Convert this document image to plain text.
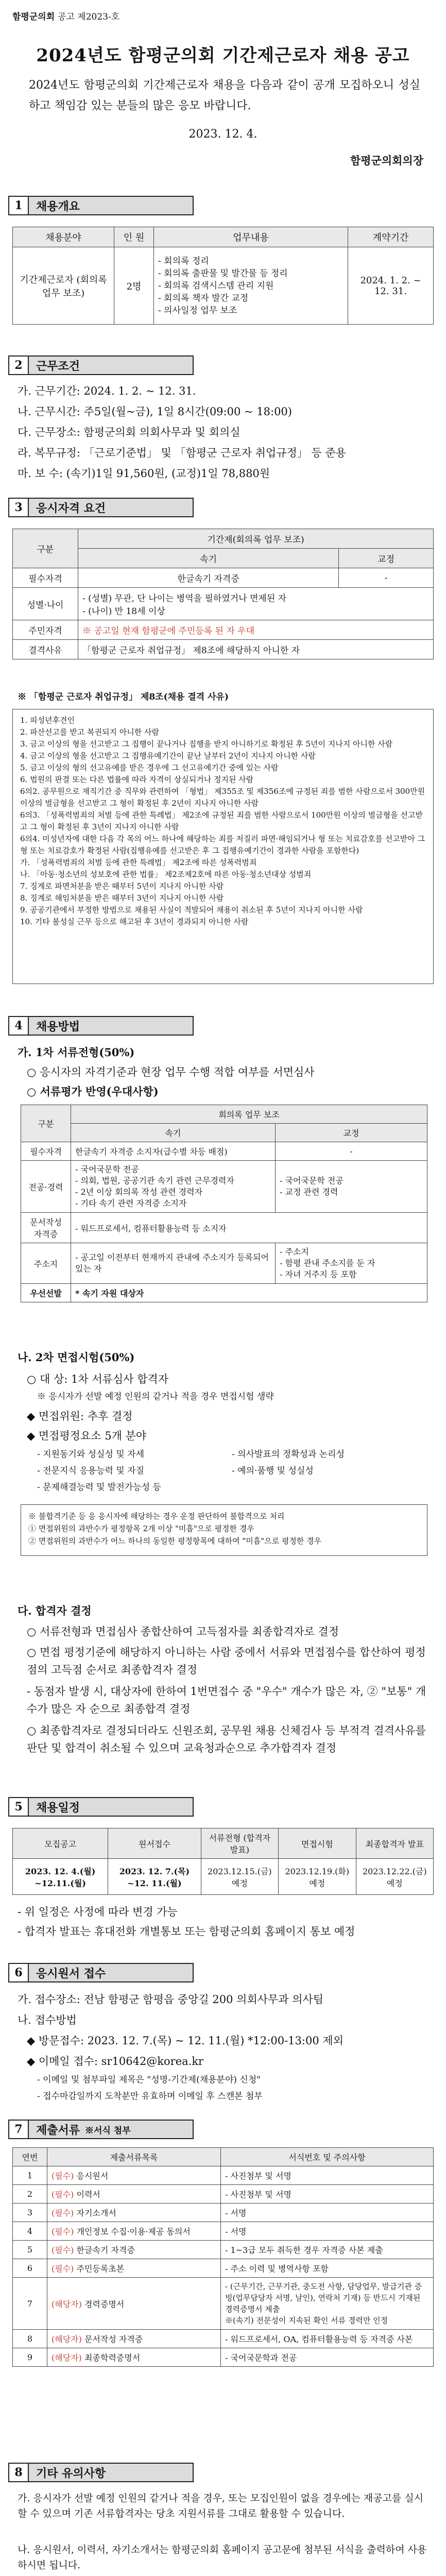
함평군의회 공고 제2023-호
2024년도 함평군의회 기간제근로자 채용 공고
2024년도 함평군의회 기간제근로자 채용을 다음과 같이 공개 모집하오니 성실하고 책임감 있는 분들의 많은 응모 바랍니다.
2023. 12. 4.
함평군의회의장
1	채용개요
채용분야	인 원	업무내용	계약기간
기간제근로자 (회의록 업무 보조)	2명	- 회의록 정리
- 회의록 출판물 및 발간물 등 정리
- 회의록 검색시스템 관리 지원
- 회의록 책자 발간 교정
- 의사일정 업무 보조	2024. 1. 2. ~ 12. 31.
2	근무조건
가. 근무기간: 2024. 1. 2. ~ 12. 31.
나. 근무시간: 주5일(월~금), 1일 8시간(09:00 ~ 18:00)
다. 근무장소: 함평군의회 의회사무과 및 회의실
라. 복무규정: 「근로기준법」 및 「함평군 근로자 취업규정」 등 준용
마. 보 수: (속기)1일 91,560원, (교정)1일 78,880원
3	응시자격 요건
구분	기간제(회의록 업무 보조)	
	속기	교정
필수자격	한글속기 자격증	-
성별·나이	- (성별) 무관, 단 나이는 병역을 필하였거나 면제된 자
- (나이) 만 18세 이상	
주민자격	※ 공고일 현재 함평군에 주민등록 된 자 우대	
결격사유	「함평군 근로자 취업규정」 제8조에 해당하지 아니한 자	
※ 「함평군 근로자 취업규정」 제8조(채용 결격 사유)
1. 피성년후견인
2. 파산선고를 받고 복권되지 아니한 사람
3. 금고 이상의 형을 선고받고 그 집행이 끝나거나 집행을 받지 아니하기로 확정된 후 5년이 지나지 아니한 사람
4. 금고 이상의 형을 선고받고 그 집행유예기간이 끝난 날부터 2년이 지나지 아니한 사람
5. 금고 이상의 형의 선고유예를 받은 경우에 그 선고유예기간 중에 있는 사람
6. 법원의 판결 또는 다른 법률에 따라 자격이 상실되거나 정지된 사람
6의2. 공무원으로 재직기간 중 직무와 관련하여 「형법」 제355조 및 제356조에 규정된 죄를 범한 사람으로서 300만원 이상의 벌금형을 선고받고 그 형이 확정된 후 2년이 지나지 아니한 사람
6의3. 「성폭력범죄의 처벌 등에 관한 특례법」 제2조에 규정된 죄를 범한 사람으로서 100만원 이상의 벌금형을 선고받고 그 형이 확정된 후 3년이 지나지 아니한 사람
6의4. 미성년자에 대한 다음 각 목의 어느 하나에 해당하는 죄를 저질러 파면·해임되거나 형 또는 치료감호를 선고받아 그 형 또는 치료감호가 확정된 사람(집행유예를 선고받은 후 그 집행유예기간이 경과한 사람을 포함한다)
가. 「성폭력범죄의 처벌 등에 관한 특례법」 제2조에 따른 성폭력범죄
나. 「아동·청소년의 성보호에 관한 법률」 제2조제2호에 따른 아동·청소년대상 성범죄
7. 징계로 파면처분을 받은 때부터 5년이 지나지 아니한 사람
8. 징계로 해임처분을 받은 때부터 3년이 지나지 아니한 사람
9. 공공기관에서 부정한 방법으로 채용된 사실이 적발되어 채용이 취소된 후 5년이 지나지 아니한 사람
10. 기타 불성실 근무 등으로 해고된 후 3년이 경과되지 아니한 사람
4	채용방법
가. 1차 서류전형(50%)
○ 응시자의 자격기준과 현장 업무 수행 적합 여부를 서면심사
○ 서류평가 반영(우대사항)
구분	회의록 업무 보조	
	속기	교정
필수자격	한글속기 자격증 소지자(급수별 차등 배점)	-
전공·경력	- 국어국문학 전공
- 의회, 법원, 공공기관 속기 관련 근무경력자
- 2년 이상 회의록 작성 관련 경력자
- 기타 속기 관련 자격증 소지자	- 국어국문학 전공
- 교정 관련 경력
문서작성 자격증	- 워드프로세서, 컴퓨터활용능력 등 소지자	
주소지	- 공고일 이전부터 현재까지 관내에 주소지가 등록되어 있는 자	- 주소지
- 함평 관내 주소지를 둔 자
- 자녀 거주지 등 포함
우선선발	* 속기 자원 대상자	
나. 2차 면접시험(50%)
○ 대 상: 1차 서류심사 합격자
※ 응시자가 선발 예정 인원의 같거나 적을 경우 면접시험 생략
◆ 면접위원: 추후 결정
◆ 면접평정요소 5개 분야
- 지원동기와 성실성 및 자세	- 의사발표의 정확성과 논리성
- 전문지식 응용능력 및 자질	- 예의·품행 및 성실성
- 문제해결능력 및 발전가능성 등
※ 불합격기준 등 응 응시자에 해당하는 경우 운정 판단하여 불합격으로 처리
① 면접위원의 과반수가 평정항목 2개 이상 "미흡"으로 평정한 경우
② 면접위원의 과반수가 어느 하나의 동일한 평정항목에 대하여 "미흡"으로 평정한 경우
다. 합격자 결정
○ 서류전형과 면접심사 종합산하여 고득점자를 최종합격자로 결정
○ 면접 평정기준에 해당하지 아니하는 사람 중에서 서류와 면접점수를 합산하여 평정점의 고득점 순서로 최종합격자 결정
- 동점자 발생 시, 대상자에 한하여 1번면접수 중 "우수" 개수가 많은 자, ② "보통" 개수가 많은 자 순으로 최종합격 결정
○ 최종합격자로 결정되더라도 신원조회, 공무원 채용 신체검사 등 부적격 결격사유를 판단 및 합격이 취소될 수 있으며 교육청과순으로 추가합격자 결정
5	채용일정
모집공고	원서접수	서류전형 (합격자발표)	면접시험	최종합격자 발표
2023. 12. 4.(월) ~12.11.(월)	2023. 12. 7.(목) ~12. 11.(월)	2023.12.15.(금) 예정	2023.12.19.(화) 예정	2023.12.22.(금) 예정
- 위 일정은 사정에 따라 변경 가능
- 합격자 발표는 휴대전화 개별통보 또는 함평군의회 홈페이지 통보 예정
6	응시원서 접수
가. 접수장소: 전남 함평군 함평읍 중앙길 200 의회사무과 의사팀
나. 접수방법
◆ 방문접수: 2023. 12. 7.(목) ~ 12. 11.(월) *12:00-13:00 제외
◆ 이메일 접수: sr10642@korea.kr
- 이메일 및 첨부파일 제목은 "성명-기간제(채용분야) 신청"
- 접수마감일까지 도착분만 유효하며 이메일 후 스캔본 첨부
7	제출서류 ※서식 첨부
연번	제출서류목록	서식번호 및 주의사항
1	(필수) 응시원서	- 사진첨부 및 서명
2	(필수) 이력서	- 사진첨부 및 서명
3	(필수) 자기소개서	- 서명
4	(필수) 개인정보 수집·이용·제공 동의서	- 서명
5	(필수) 한글속기 자격증	- 1~3급 모두 취득한 경우 자격증 사본 제출
6	(필수) 주민등록초본	- 주소 이력 및 병역사항 포함
7	(해당자) 경력증명서	- (근무기간, 근무기관, 중도전 사항, 담당업무, 발급기관 증빙(업무담당자 서명, 날인), 연락처 기재) 등 반드시 기재된 경력증명서 제출
※(속기) 전문성이 지속된 확인 서류 경력만 인정
8	(해당자) 문서작성 자격증	- 워드프로세서, OA, 컴퓨터활용능력 등 자격증 사본
9	(해당자) 최종학력증명서	- 국어국문학과 전공
8	기타 유의사항
가. 응시자가 선발 예정 인원의 같거나 적을 경우, 또는 모집인원이 없을 경우에는 재공고를 실시할 수 있으며 기존 서류합격자는 당초 지원서류를 그대로 활용할 수 있습니다.
나. 응시원서, 이력서, 자기소개서는 함평군의회 홈페이지 공고문에 첨부된 서식을 출력하여 사용하시면 됩니다.
